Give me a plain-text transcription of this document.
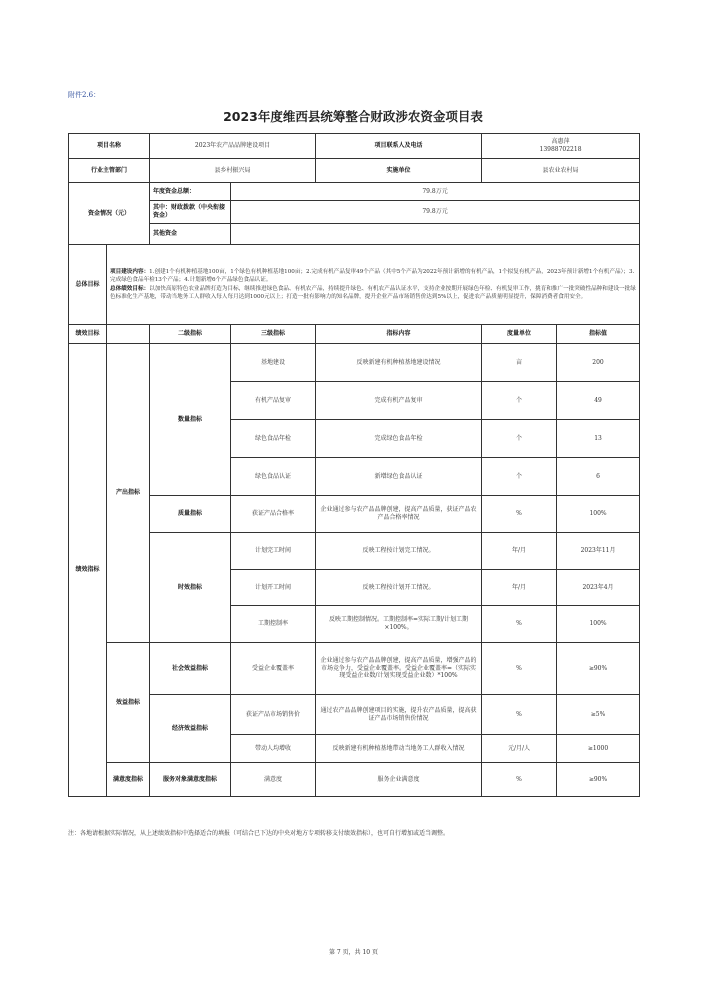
附件2.6：
2023年度维西县统筹整合财政涉农资金项目表
项目名称		2023年农产品品牌建设项目		项目联系人及电话	高惠萍
13988702218	

行业主管部门		县乡村振兴局		实施单位	县农业农村局	
资金情况（元）		年度资金总额：	79.8万元			
		其中：财政拨款（中央衔接资金）	79.8万元			
		其他资金				
总体目标	项目建设内容：1.创建1个有机种植基地100亩，1个绿色有机种植基地100亩；2.完成有机产品复审49个产品（其中5个产品为2022年预计新增的有机产品，1个拟复有机产品，2023年预计新增1个有机产品）；3.完成绿色食品年检13个产品；4.计划新增6个产品绿色食品认证。
总体绩效目标：以加快高原特色农业品牌打造为目标，继续推进绿色食品、有机农产品，持续提升绿色、有机农产品认证水平，支持企业按期开展绿色年检、有机复审工作，挑育和推广一批突破性品种和建设一批绿色标准化生产基地，带动当地务工人群收入每人每月达到1000元以上；打造一批有影响力的知名品牌，提升企业产品市场销售价达到5%以上，促进农产品质量明显提升，保障消费者食用安全。					

绩效目标		二级指标	三级指标	指标内容	度量单位	指标值
绩效指标	产出指标	数量指标	基地建设	反映新建有机种植基地建设情况	亩	200
			有机产品复审	完成有机产品复审	个	49
			绿色食品年检	完成绿色食品年检	个	13
			绿色食品认证	新增绿色食品认证	个	6
		质量指标	获证产品合格率	企业通过参与农产品品牌创建，提高产品质量，获证产品农产品合格率情况	%	100%
		时效指标	计划完工时间	反映工程按计划完工情况。	年/月	2023年11月
			计划开工时间	反映工程按计划开工情况。	年/月	2023年4月
			工期控制率	反映工期控制情况。工期控制率=实际工期/计划工期×100%。	%	100%
	效益指标	社会效益指标	受益企业覆盖率	企业通过参与农产品品牌创建，提高产品质量，增强产品的市场竞争力，受益企业覆盖率。受益企业覆盖率=（实际实现受益企业数/计划实现受益企业数）*100%	%	≥90%
		经济效益指标	获证产品市场销售价	通过农产品品牌创建项目的实施，提升农产品质量，提高获证产品市场销售价情况	%	≥5%
			带动人均增收	反映新建有机种植基地带动当地务工人群收入情况	元/月/人	≥1000
	满意度指标	服务对象满意度指标	满意度	服务企业满意度	%	≥90%
注：各地请根据实际情况，从上述绩效指标中选择适合的填报（可结合已下达的中央对地方专项转移支付绩效指标），也可自行增加或适当调整。
第 7 页，共 10 页
